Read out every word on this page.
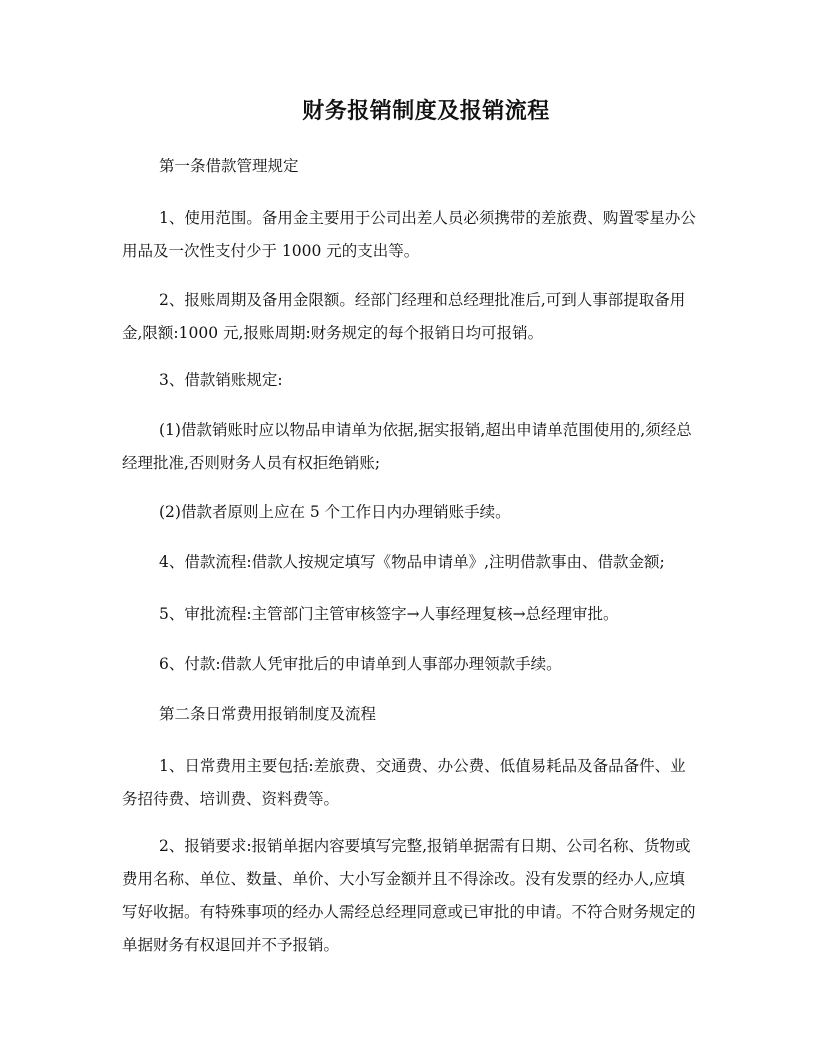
财务报销制度及报销流程

第一条借款管理规定

1、使用范围。备用金主要用于公司出差人员必须携带的差旅费、购置零星办公用品及一次性支付少于 1000 元的支出等。

2、报账周期及备用金限额。经部门经理和总经理批准后,可到人事部提取备用金,限额:1000 元,报账周期:财务规定的每个报销日均可报销。

3、借款销账规定:

(1)借款销账时应以物品申请单为依据,据实报销,超出申请单范围使用的,须经总经理批准,否则财务人员有权拒绝销账;

(2)借款者原则上应在 5 个工作日内办理销账手续。

4、借款流程:借款人按规定填写《物品申请单》,注明借款事由、借款金额;

5、审批流程:主管部门主管审核签字→人事经理复核→总经理审批。

6、付款:借款人凭审批后的申请单到人事部办理领款手续。

第二条日常费用报销制度及流程

1、日常费用主要包括:差旅费、交通费、办公费、低值易耗品及备品备件、业务招待费、培训费、资料费等。

2、报销要求:报销单据内容要填写完整,报销单据需有日期、公司名称、货物或费用名称、单位、数量、单价、大小写金额并且不得涂改。没有发票的经办人,应填写好收据。有特殊事项的经办人需经总经理同意或已审批的申请。不符合财务规定的单据财务有权退回并不予报销。
